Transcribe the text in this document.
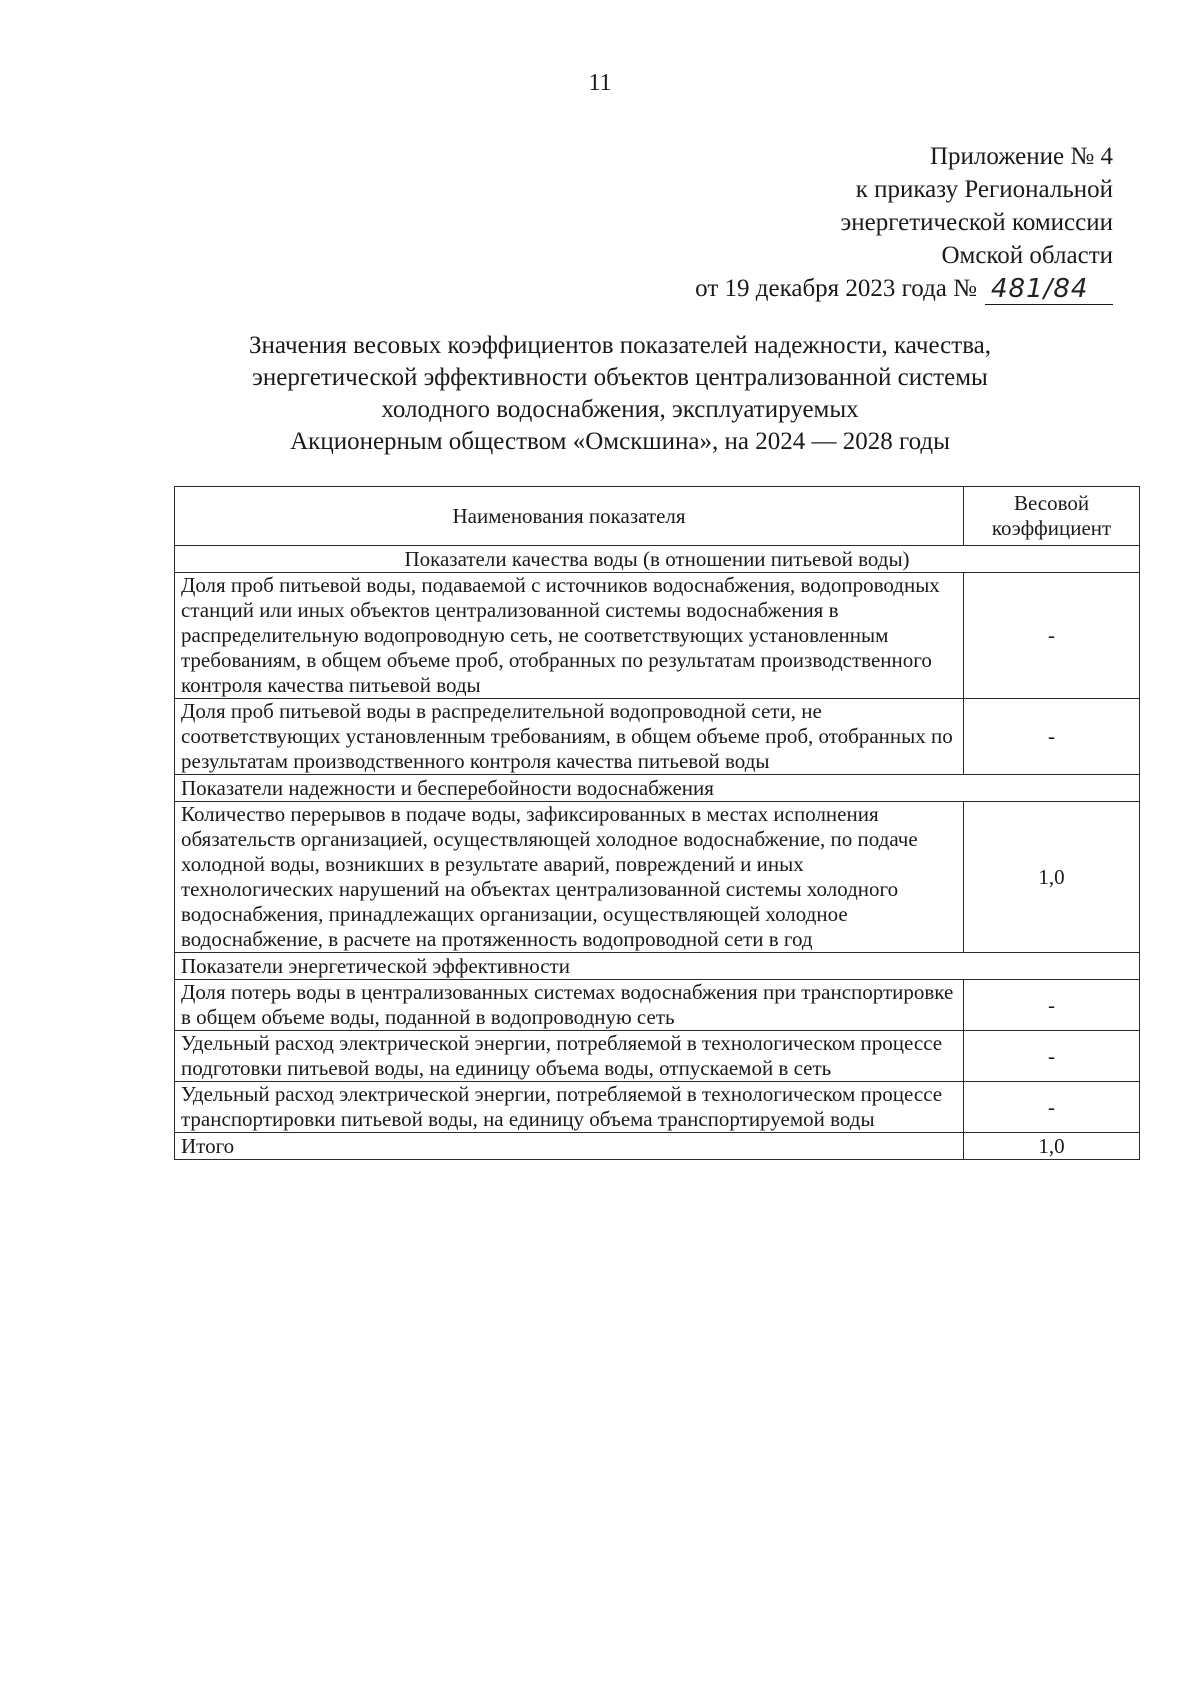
11
Приложение № 4
к приказу Региональной
энергетической комиссии
Омской области
от 19 декабря 2023 года № 481/84
Значения весовых коэффициентов показателей надежности, качества,
энергетической эффективности объектов централизованной системы
холодного водоснабжения, эксплуатируемых
Акционерным обществом «Омскшина», на 2024 — 2028 годы
Наименования показателя	Весовой коэффициент
Показатели качества воды (в отношении питьевой воды)	
Доля проб питьевой воды, подаваемой с источников водоснабжения, водопроводных станций или иных объектов централизованной системы водоснабжения в распределительную водопроводную сеть, не соответствующих установленным требованиям, в общем объеме проб, отобранных по результатам производственного контроля качества питьевой воды	-
Доля проб питьевой воды в распределительной водопроводной сети, не соответствующих установленным требованиям, в общем объеме проб, отобранных по результатам производственного контроля качества питьевой воды	-
Показатели надежности и бесперебойности водоснабжения	
Количество перерывов в подаче воды, зафиксированных в местах исполнения обязательств организацией, осуществляющей холодное водоснабжение, по подаче холодной воды, возникших в результате аварий, повреждений и иных технологических нарушений на объектах централизованной системы холодного водоснабжения, принадлежащих организации, осуществляющей холодное водоснабжение, в расчете на протяженность водопроводной сети в год	1,0
Показатели энергетической эффективности	
Доля потерь воды в централизованных системах водоснабжения при транспортировке в общем объеме воды, поданной в водопроводную сеть	-
Удельный расход электрической энергии, потребляемой в технологическом процессе подготовки питьевой воды, на единицу объема воды, отпускаемой в сеть	-
Удельный расход электрической энергии, потребляемой в технологическом процессе транспортировки питьевой воды, на единицу объема транспортируемой воды	-
Итого	1,0
